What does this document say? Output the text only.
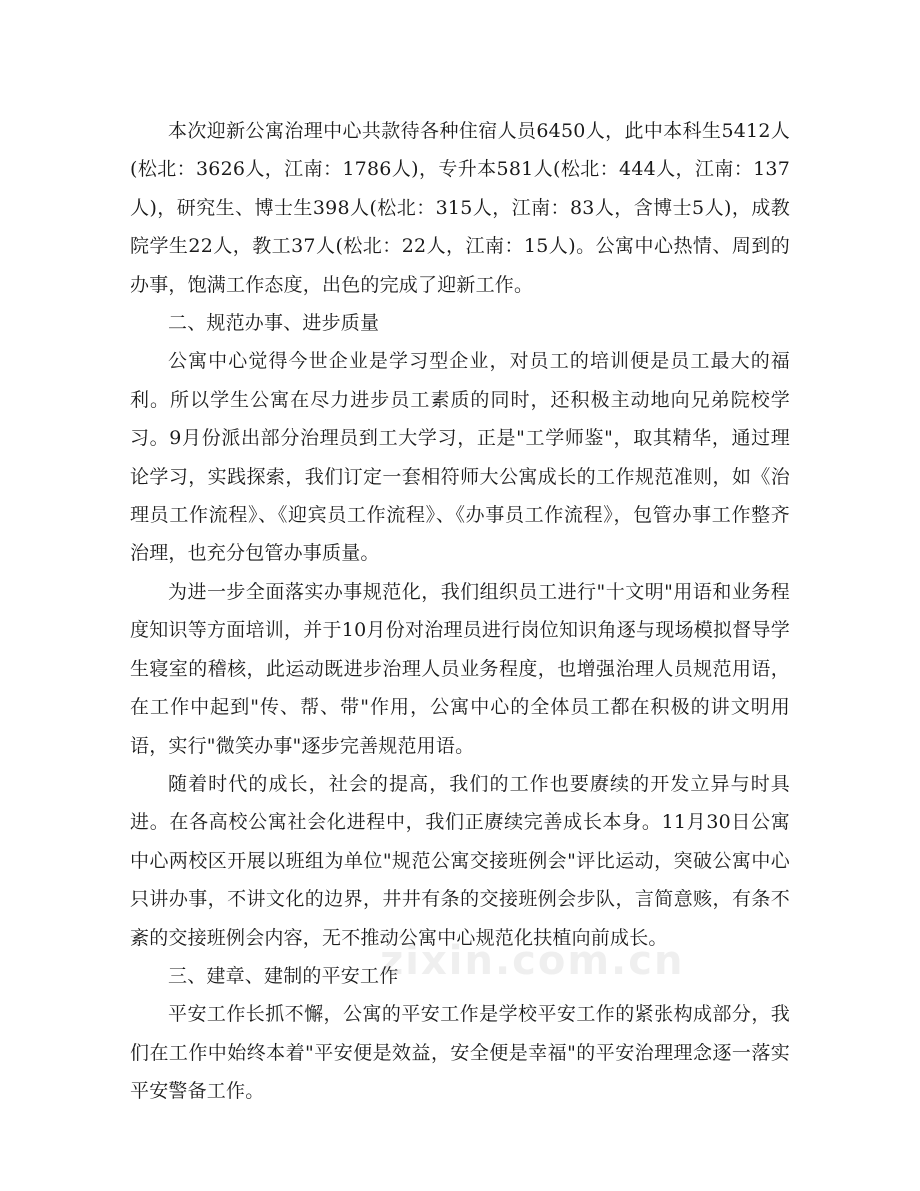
本次迎新公寓治理中心共款待各种住宿人员6450人，此中本科生5412人(松北：3626人，江南：1786人)，专升本581人(松北：444人，江南：137人)，研究生、博士生398人(松北：315人，江南：83人，含博士5人)，成教院学生22人，教工37人(松北：22人，江南：15人)。公寓中心热情、周到的办事，饱满工作态度，出色的完成了迎新工作。

二、规范办事、进步质量

公寓中心觉得今世企业是学习型企业，对员工的培训便是员工最大的福利。所以学生公寓在尽力进步员工素质的同时，还积极主动地向兄弟院校学习。9月份派出部分治理员到工大学习，正是"工学师鉴"，取其精华，通过理论学习，实践探索，我们订定一套相符师大公寓成长的工作规范准则，如《治理员工作流程》、《迎宾员工作流程》、《办事员工作流程》，包管办事工作整齐治理，也充分包管办事质量。

为进一步全面落实办事规范化，我们组织员工进行"十文明"用语和业务程度知识等方面培训，并于10月份对治理员进行岗位知识角逐与现场模拟督导学生寝室的稽核，此运动既进步治理人员业务程度，也增强治理人员规范用语，在工作中起到"传、帮、带"作用，公寓中心的全体员工都在积极的讲文明用语，实行"微笑办事"逐步完善规范用语。

随着时代的成长，社会的提高，我们的工作也要赓续的开发立异与时具进。在各高校公寓社会化进程中，我们正赓续完善成长本身。11月30日公寓中心两校区开展以班组为单位"规范公寓交接班例会"评比运动，突破公寓中心只讲办事，不讲文化的边界，井井有条的交接班例会步队，言简意赅，有条不紊的交接班例会内容，无不推动公寓中心规范化扶植向前成长。

三、建章、建制的平安工作

平安工作长抓不懈，公寓的平安工作是学校平安工作的紧张构成部分，我们在工作中始终本着"平安便是效益，安全便是幸福"的平安治理理念逐一落实平安警备工作。

zixin.com.cn
